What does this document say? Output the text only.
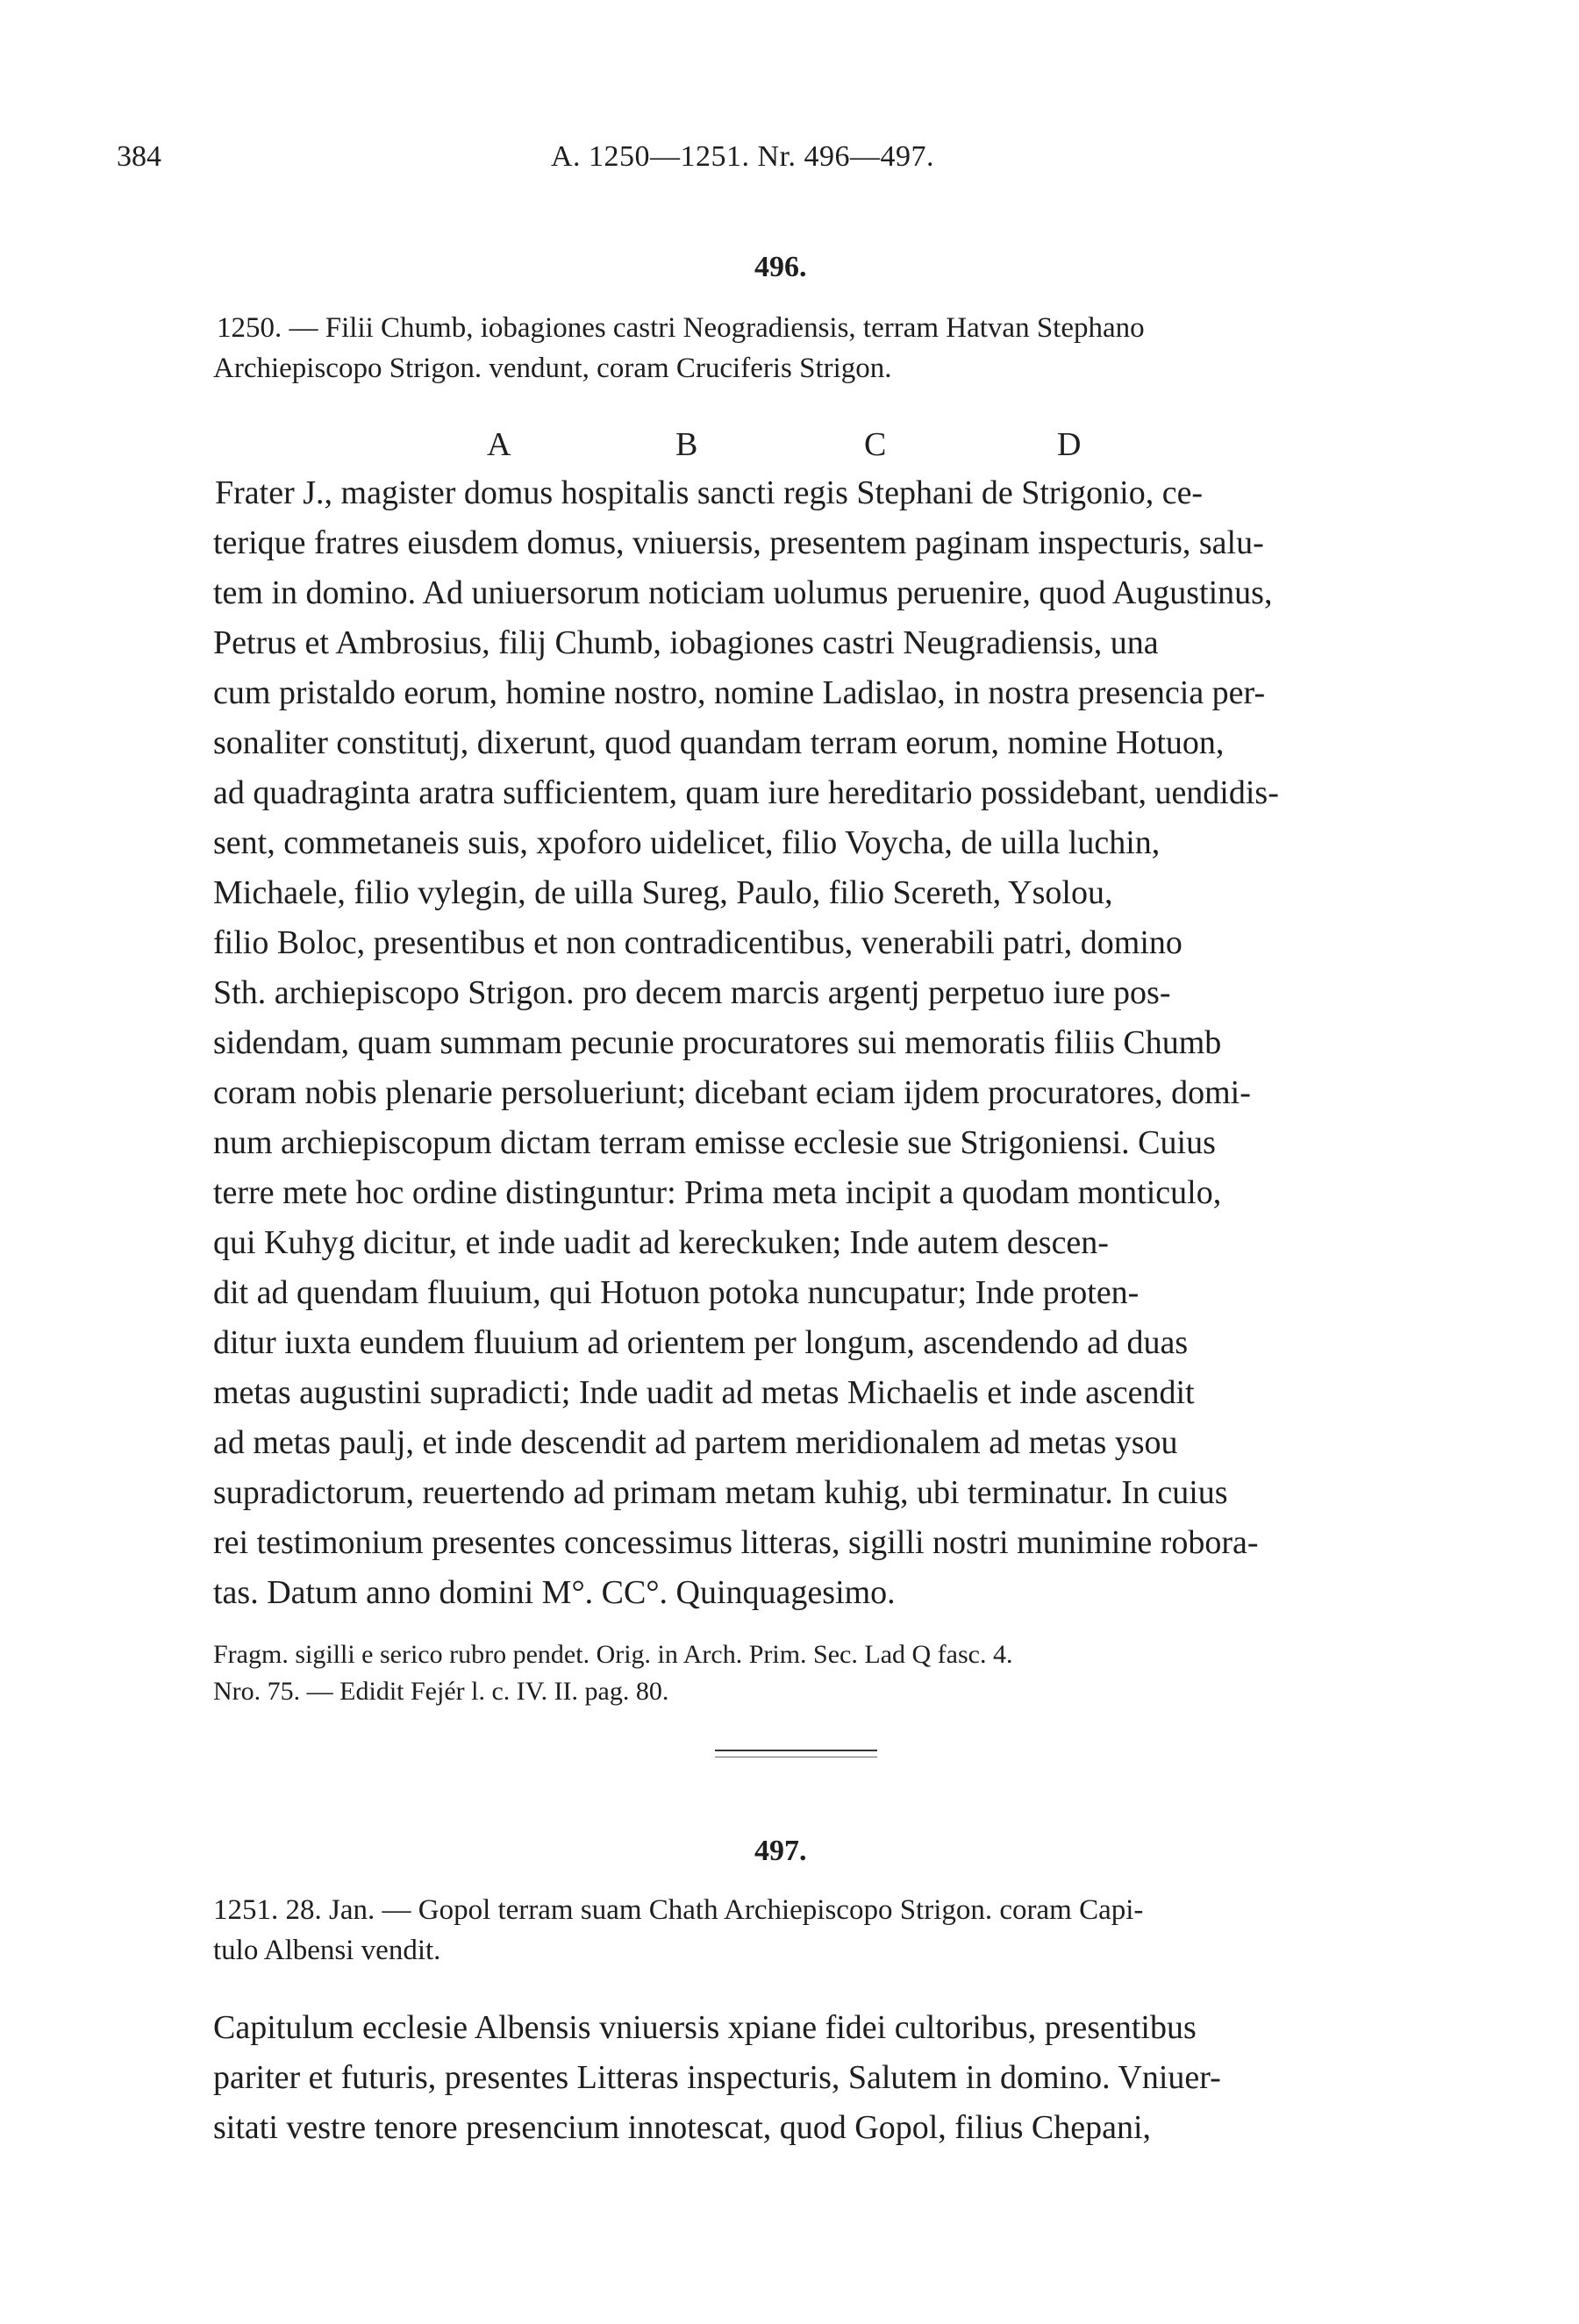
384	A. 1250—1251. Nr. 496—497.
496.
1250. — Filii Chumb, iobagiones castri Neogradiensis, terram Hatvan Stephano
Archiepiscopo Strigon. vendunt, coram Cruciferis Strigon.
A	B	C	D
Frater J., magister domus hospitalis sancti regis Stephani de Strigonio, ce-
terique fratres eiusdem domus, vniuersis, presentem paginam inspecturis, salu-
tem in domino. Ad uniuersorum noticiam uolumus peruenire, quod Augustinus,
Petrus et Ambrosius, filij Chumb, iobagiones castri Neugradiensis, una
cum pristaldo eorum, homine nostro, nomine Ladislao, in nostra presencia per-
sonaliter constitutj, dixerunt, quod quandam terram eorum, nomine Hotuon,
ad quadraginta aratra sufficientem, quam iure hereditario possidebant, uendidis-
sent, commetaneis suis, xpoforo uidelicet, filio Voycha, de uilla luchin,
Michaele, filio vylegin, de uilla Sureg, Paulo, filio Scereth, Ysolou,
filio Boloc, presentibus et non contradicentibus, venerabili patri, domino
Sth. archiepiscopo Strigon. pro decem marcis argentj perpetuo iure pos-
sidendam, quam summam pecunie procuratores sui memoratis filiis Chumb
coram nobis plenarie persolueriunt; dicebant eciam ijdem procuratores, domi-
num archiepiscopum dictam terram emisse ecclesie sue Strigoniensi. Cuius
terre mete hoc ordine distinguntur: Prima meta incipit a quodam monticulo,
qui Kuhyg dicitur, et inde uadit ad kereckuken; Inde autem descen-
dit ad quendam fluuium, qui Hotuon potoka nuncupatur; Inde proten-
ditur iuxta eundem fluuium ad orientem per longum, ascendendo ad duas
metas augustini supradicti; Inde uadit ad metas Michaelis et inde ascendit
ad metas paulj, et inde descendit ad partem meridionalem ad metas ysou
supradictorum, reuertendo ad primam metam kuhig, ubi terminatur. In cuius
rei testimonium presentes concessimus litteras, sigilli nostri munimine robora-
tas. Datum anno domini M°. CC°. Quinquagesimo.
Fragm. sigilli e serico rubro pendet. Orig. in Arch. Prim. Sec. Lad Q fasc. 4.
Nro. 75. — Edidit Fejér l. c. IV. II. pag. 80.
497.
1251. 28. Jan. — Gopol terram suam Chath Archiepiscopo Strigon. coram Capi-
tulo Albensi vendit.
Capitulum ecclesie Albensis vniuersis xpiane fidei cultoribus, presentibus
pariter et futuris, presentes Litteras inspecturis, Salutem in domino. Vniuer-
sitati vestre tenore presencium innotescat, quod Gopol, filius Chepani,
